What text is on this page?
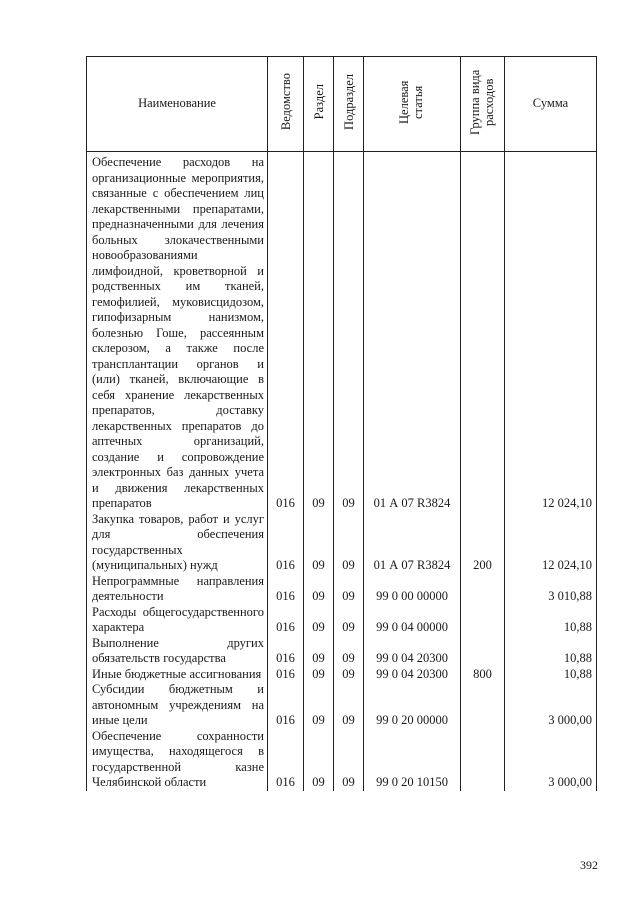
Наименование	Ведомство	Раздел	Подраздел	Целевая статья	Группа вида расходов	Сумма
Обеспечение расходов на организационные мероприятия, связанные с обеспечением лиц лекарственными препаратами, предназначенными для лечения больных злокачественными новообразованиями лимфоидной, кроветворной и родственных им тканей, гемофилией, муковисцидозом, гипофизарным нанизмом, болезнью Гоше, рассеянным склерозом, а также после трансплантации органов и (или) тканей, включающие в себя хранение лекарственных препаратов, доставку лекарственных препаратов до аптечных организаций, создание и сопровождение электронных баз данных учета и движения лекарственных препаратов	016	09	09	01 А 07 R3824		12 024,10
Закупка товаров, работ и услуг для обеспечения государственных (муниципальных) нужд	016	09	09	01 А 07 R3824	200	12 024,10
Непрограммные направления деятельности	016	09	09	99 0 00 00000		3 010,88
Расходы общегосударственного характера	016	09	09	99 0 04 00000		10,88
Выполнение других обязательств государства	016	09	09	99 0 04 20300		10,88
Иные бюджетные ассигнования	016	09	09	99 0 04 20300	800	10,88
Субсидии бюджетным и автономным учреждениям на иные цели	016	09	09	99 0 20 00000		3 000,00
Обеспечение сохранности имущества, находящегося в государственной казне Челябинской области	016	09	09	99 0 20 10150		3 000,00
392
